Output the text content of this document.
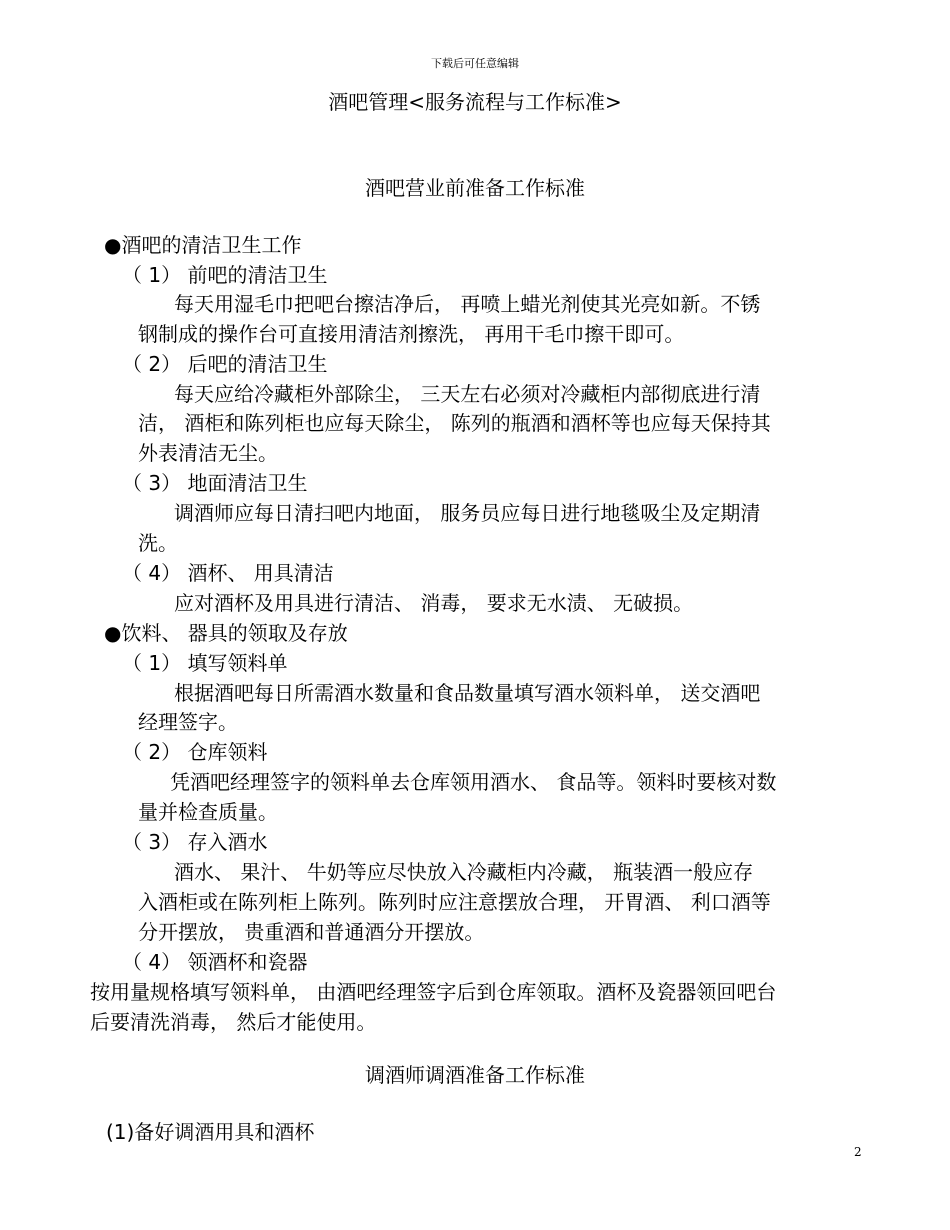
下载后可任意编辑
酒吧管理<服务流程与工作标准>
酒吧营业前准备工作标准
●酒吧的清洁卫生工作
（ 1） 前吧的清洁卫生
每天用湿毛巾把吧台擦洁净后， 再喷上蜡光剂使其光亮如新。不锈
钢制成的操作台可直接用清洁剂擦洗， 再用干毛巾擦干即可。
（ 2） 后吧的清洁卫生
每天应给冷藏柜外部除尘， 三天左右必须对冷藏柜内部彻底进行清
洁， 酒柜和陈列柜也应每天除尘， 陈列的瓶酒和酒杯等也应每天保持其
外表清洁无尘。
（ 3） 地面清洁卫生
调酒师应每日清扫吧内地面， 服务员应每日进行地毯吸尘及定期清
洗。
（ 4） 酒杯、 用具清洁
应对酒杯及用具进行清洁、 消毒， 要求无水渍、 无破损。
●饮料、 器具的领取及存放
（ 1） 填写领料单
根据酒吧每日所需酒水数量和食品数量填写酒水领料单， 送交酒吧
经理签字。
（ 2） 仓库领料
凭酒吧经理签字的领料单去仓库领用酒水、 食品等。领料时要核对数
量并检查质量。
（ 3） 存入酒水
酒水、 果汁、 牛奶等应尽快放入冷藏柜内冷藏， 瓶装酒一般应存
入酒柜或在陈列柜上陈列。陈列时应注意摆放合理， 开胃酒、 利口酒等
分开摆放， 贵重酒和普通酒分开摆放。
（ 4） 领酒杯和瓷器
按用量规格填写领料单， 由酒吧经理签字后到仓库领取。酒杯及瓷器领回吧台
后要清洗消毒， 然后才能使用。
调酒师调酒准备工作标准
(1)备好调酒用具和酒杯
2
